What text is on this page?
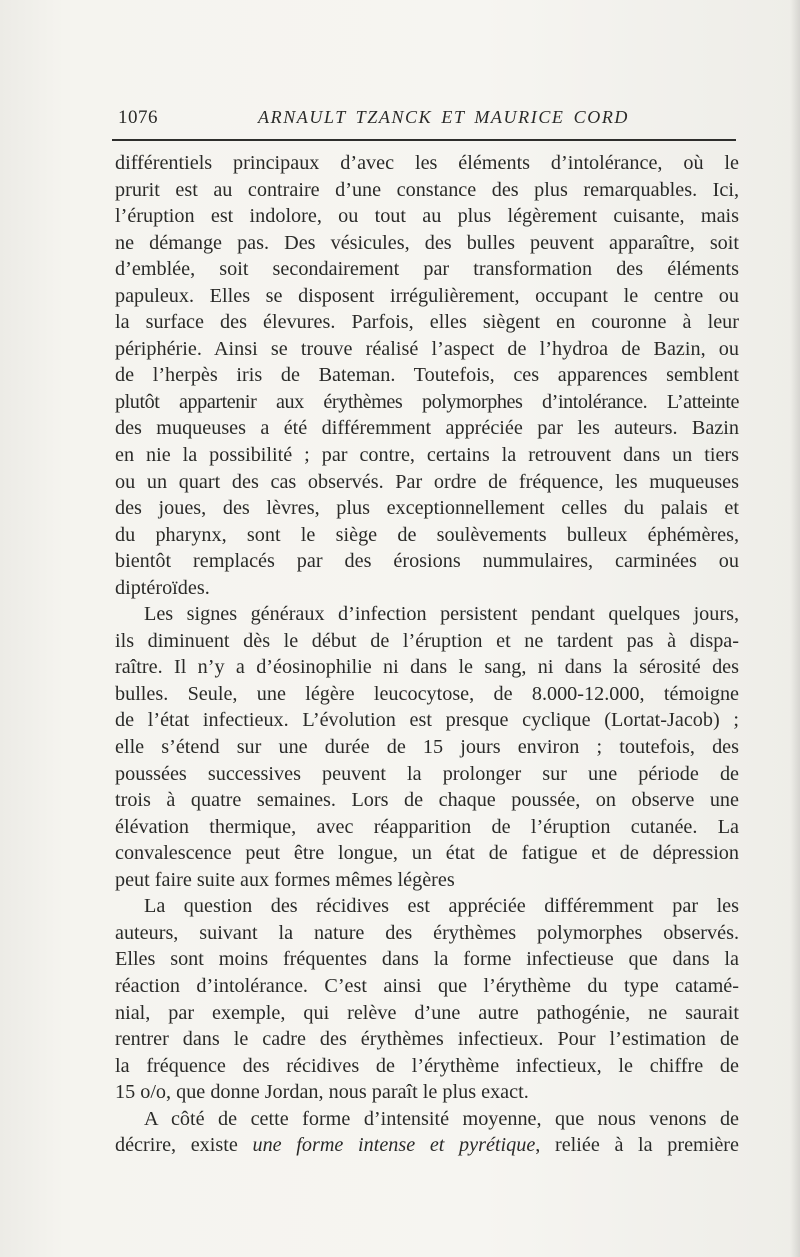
1076	ARNAULT TZANCK ET MAURICE CORD
différentiels principaux d’avec les éléments d’intolérance, où le
prurit est au contraire d’une constance des plus remarquables. Ici,
l’éruption est indolore, ou tout au plus légèrement cuisante, mais
ne démange pas. Des vésicules, des bulles peuvent apparaître, soit
d’emblée, soit secondairement par transformation des éléments
papuleux. Elles se disposent irrégulièrement, occupant le centre ou
la surface des élevures. Parfois, elles siègent en couronne à leur
périphérie. Ainsi se trouve réalisé l’aspect de l’hydroa de Bazin, ou
de l’herpès iris de Bateman. Toutefois, ces apparences semblent
plutôt appartenir aux érythèmes polymorphes d’intolérance. L’atteinte
des muqueuses a été différemment appréciée par les auteurs. Bazin
en nie la possibilité ; par contre, certains la retrouvent dans un tiers
ou un quart des cas observés. Par ordre de fréquence, les muqueuses
des joues, des lèvres, plus exceptionnellement celles du palais et
du pharynx, sont le siège de soulèvements bulleux éphémères,
bientôt remplacés par des érosions nummulaires, carminées ou
diptéroïdes.
Les signes généraux d’infection persistent pendant quelques jours,
ils diminuent dès le début de l’éruption et ne tardent pas à dispa-
raître. Il n’y a d’éosinophilie ni dans le sang, ni dans la sérosité des
bulles. Seule, une légère leucocytose, de 8.000-12.000, témoigne
de l’état infectieux. L’évolution est presque cyclique (Lortat-Jacob) ;
elle s’étend sur une durée de 15 jours environ ; toutefois, des
poussées successives peuvent la prolonger sur une période de
trois à quatre semaines. Lors de chaque poussée, on observe une
élévation thermique, avec réapparition de l’éruption cutanée. La
convalescence peut être longue, un état de fatigue et de dépression
peut faire suite aux formes mêmes légères
La question des récidives est appréciée différemment par les
auteurs, suivant la nature des érythèmes polymorphes observés.
Elles sont moins fréquentes dans la forme infectieuse que dans la
réaction d’intolérance. C’est ainsi que l’érythème du type catamé-
nial, par exemple, qui relève d’une autre pathogénie, ne saurait
rentrer dans le cadre des érythèmes infectieux. Pour l’estimation de
la fréquence des récidives de l’érythème infectieux, le chiffre de
15 o/o, que donne Jordan, nous paraît le plus exact.
A côté de cette forme d’intensité moyenne, que nous venons de
décrire, existe une forme intense et pyrétique, reliée à la première
